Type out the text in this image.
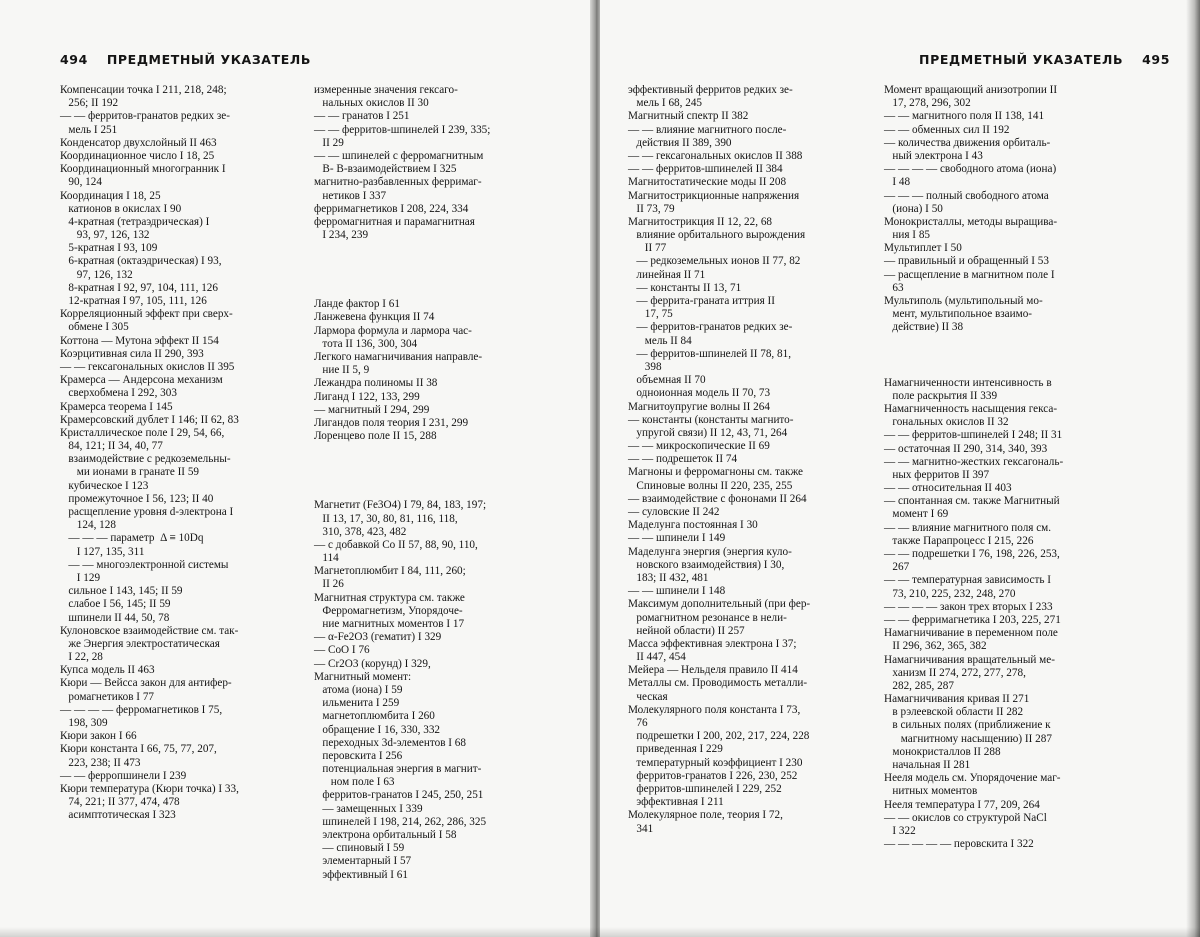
494 ПРЕДМЕТНЫЙ УКАЗАТЕЛЬ
Компенсации точка I 211, 218, 248;
256; II 192
— — ферритов-гранатов редких зе-
мель I 251
Конденсатор двухслойный II 463
Координационное число I 18, 25
Координационный многогранник I
90, 124
Координация I 18, 25
катионов в окислах I 90
4-кратная (тетраэдрическая) I
93, 97, 126, 132
5-кратная I 93, 109
6-кратная (октаэдрическая) I 93,
97, 126, 132
8-кратная I 92, 97, 104, 111, 126
12-кратная I 97, 105, 111, 126
Корреляционный эффект при сверх-
обмене I 305
Коттона — Мутона эффект II 154
Коэрцитивная сила II 290, 393
— — гексагональных окислов II 395
Крамерса — Андерсона механизм
сверхобмена I 292, 303
Крамерса теорема I 145
Крамерсовский дублет I 146; II 62, 83
Кристаллическое поле I 29, 54, 66,
84, 121; II 34, 40, 77
взаимодействие с редкоземельны-
ми ионами в гранате II 59
кубическое I 123
промежуточное I 56, 123; II 40
расщепление уровня d-электрона I
124, 128
— — — параметр  Δ ≡ 10Dq
I 127, 135, 311
— — многоэлектронной системы
I 129
сильное I 143, 145; II 59
слабое I 56, 145; II 59
шпинели II 44, 50, 78
Кулоновское взаимодействие см. так-
же Энергия электростатическая
I 22, 28
Купса модель II 463
Кюри — Вейсса закон для антифер-
ромагнетиков I 77
— — — — ферромагнетиков I 75,
198, 309
Кюри закон I 66
Кюри константа I 66, 75, 77, 207,
223, 238; II 473
— — ферропшинели I 239
Кюри температура (Кюри точка) I 33,
74, 221; II 377, 474, 478
асимптотическая I 323
измеренные значения гексаго-
нальных окислов II 30
— — гранатов I 251
— — ферритов-шпинелей I 239, 335;
II 29
— — шпинелей с ферромагнитным
B- B-взаимодействием I 325
магнитно-разбавленных ферримаг-
нетиков I 337
ферримагнетиков I 208, 224, 334
ферромагнитная и парамагнитная
I 234, 239
Ланде фактор I 61
Ланжевена функция II 74
Лармора формула и лармора час-
тота II 136, 300, 304
Легкого намагничивания направле-
ние II 5, 9
Лежандра полиномы II 38
Лиганд I 122, 133, 299
— магнитный I 294, 299
Лигандов поля теория I 231, 299
Лоренцево поле II 15, 288
Магнетит (Fe3O4) I 79, 84, 183, 197;
II 13, 17, 30, 80, 81, 116, 118,
310, 378, 423, 482
— с добавкой Co II 57, 88, 90, 110,
114
Магнетоплюмбит I 84, 111, 260;
II 26
Магнитная структура см. также
Ферромагнетизм, Упорядоче-
ние магнитных моментов I 17
— α-Fe2O3 (гематит) I 329
— CoO I 76
— Cr2O3 (корунд) I 329,
Магнитный момент:
атома (иона) I 59
ильменита I 259
магнетоплюмбита I 260
обращение I 16, 330, 332
переходных 3d-элементов I 68
перовскита I 256
потенциальная энергия в магнит-
ном поле I 63
ферритов-гранатов I 245, 250, 251
— замещенных I 339
шпинелей I 198, 214, 262, 286, 325
электрона орбитальный I 58
— спиновый I 59
элементарный I 57
эффективный I 61
ПРЕДМЕТНЫЙ УКАЗАТЕЛЬ 495
эффективный ферритов редких зе-
мель I 68, 245
Магнитный спектр II 382
— — влияние магнитного после-
действия II 389, 390
— — гексагональных окислов II 388
— — ферритов-шпинелей II 384
Магнитостатические моды II 208
Магнитострикционные напряжения
II 73, 79
Магнитострикция II 12, 22, 68
влияние орбитального вырождения
II 77
— редкоземельных ионов II 77, 82
линейная II 71
— константы II 13, 71
— феррита-граната иттрия II
17, 75
— ферритов-гранатов редких зе-
мель II 84
— ферритов-шпинелей II 78, 81,
398
объемная II 70
одноионная модель II 70, 73
Магнитоупругие волны II 264
— константы (константы магнито-
упругой связи) II 12, 43, 71, 264
— — микроскопические II 69
— — подрешеток II 74
Магноны и ферромагноны см. также
Спиновые волны II 220, 235, 255
— взаимодействие с фононами II 264
— суловские II 242
Маделунга постоянная I 30
— — шпинели I 149
Маделунга энергия (энергия куло-
новского взаимодействия) I 30,
183; II 432, 481
— — шпинели I 148
Максимум дополнительный (при фер-
ромагнитном резонансе в нели-
нейной области) II 257
Масса эффективная электрона I 37;
II 447, 454
Мейера — Нельделя правило II 414
Металлы см. Проводимость металли-
ческая
Молекулярного поля константа I 73,
76
подрешетки I 200, 202, 217, 224, 228
приведенная I 229
температурный коэффициент I 230
ферритов-гранатов I 226, 230, 252
ферритов-шпинелей I 229, 252
эффективная I 211
Молекулярное поле, теория I 72,
341
Момент вращающий анизотропии II
17, 278, 296, 302
— — магнитного поля II 138, 141
— — обменных сил II 192
— количества движения орбиталь-
ный электрона I 43
— — — — свободного атома (иона)
I 48
— — — полный свободного атома
(иона) I 50
Монокристаллы, методы выращива-
ния I 85
Мультиплет I 50
— правильный и обращенный I 53
— расщепление в магнитном поле I
63
Мультиполь (мультипольный мо-
мент, мультипольное взаимо-
действие) II 38
Намагниченности интенсивность в
поле раскрытия II 339
Намагниченность насыщения гекса-
гональных окислов II 32
— — ферритов-шпинелей I 248; II 31
— остаточная II 290, 314, 340, 393
— — магнитно-жестких гексагональ-
ных ферритов II 397
— — относительная II 403
— спонтанная см. также Магнитный
момент I 69
— — влияние магнитного поля см.
также Парапроцесс I 215, 226
— — подрешетки I 76, 198, 226, 253,
267
— — температурная зависимость I
73, 210, 225, 232, 248, 270
— — — — закон трех вторых I 233
— — ферримагнетика I 203, 225, 271
Намагничивание в переменном поле
II 296, 362, 365, 382
Намагничивания вращательный ме-
ханизм II 274, 272, 277, 278,
282, 285, 287
Намагничивания кривая II 271
в рэлеевской области II 282
в сильных полях (приближение к
магнитному насыщению) II 287
монокристаллов II 288
начальная II 281
Нееля модель см. Упорядочение маг-
нитных моментов
Нееля температура I 77, 209, 264
— — окислов со структурой NaCl
I 322
— — — — — перовскита I 322
